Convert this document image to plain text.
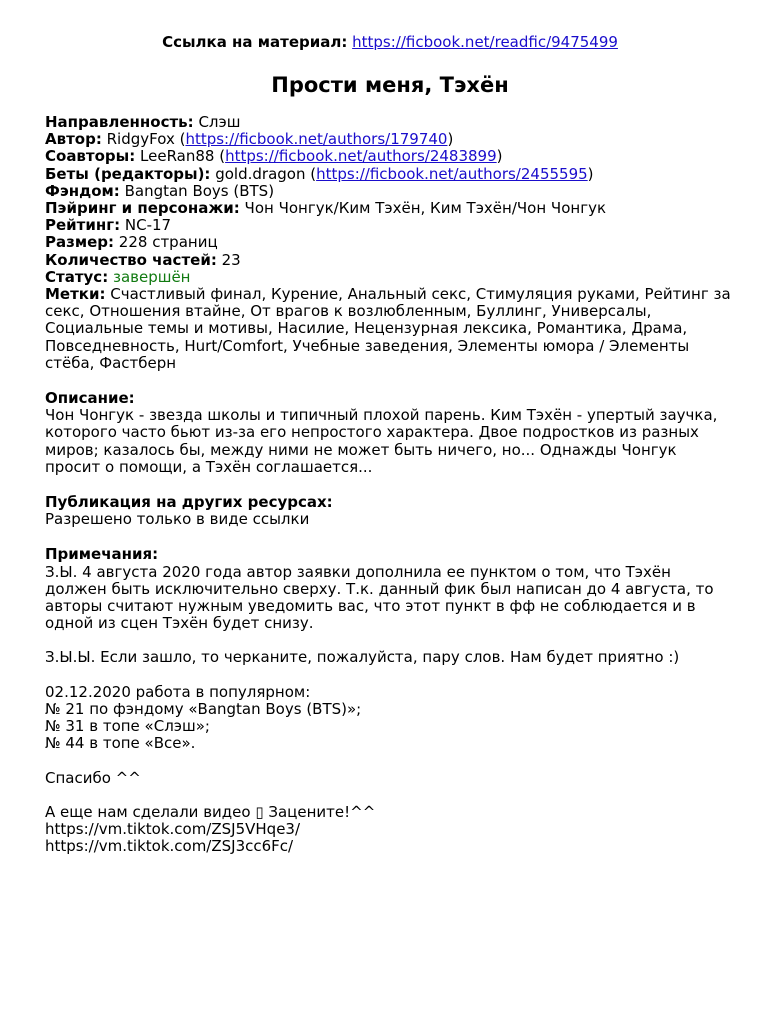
Ссылка на материал: https://ficbook.net/readfic/9475499
Прости меня, Тэхён
Направленность: Слэш
Автор: RidgyFox (https://ficbook.net/authors/179740)
Соавторы: LeeRan88 (https://ficbook.net/authors/2483899)
Беты (редакторы): gold.dragon (https://ficbook.net/authors/2455595)
Фэндом: Bangtan Boys (BTS)
Пэйринг и персонажи: Чон Чонгук/Ким Тэхён, Ким Тэхён/Чон Чонгук
Рейтинг: NC-17
Размер: 228 страниц
Количество частей: 23
Статус: завершён
Метки: Счастливый финал, Курение, Анальный секс, Стимуляция руками, Рейтинг за секс, Отношения втайне, От врагов к возлюбленным, Буллинг, Универсалы, Социальные темы и мотивы, Насилие, Нецензурная лексика, Романтика, Драма, Повседневность, Hurt/Comfort, Учебные заведения, Элементы юмора / Элементы стёба, Фастберн
Описание:
Чон Чонгук - звезда школы и типичный плохой парень. Ким Тэхён - упертый заучка, которого часто бьют из-за его непростого характера. Двое подростков из разных миров; казалось бы, между ними не может быть ничего, но... Однажды Чонгук просит о помощи, а Тэхён соглашается...
Публикация на других ресурсах:
Разрешено только в виде ссылки
Примечания:
З.Ы. 4 августа 2020 года автор заявки дополнила ее пунктом о том, что Тэхён должен быть исключительно сверху. Т.к. данный фик был написан до 4 августа, то авторы считают нужным уведомить вас, что этот пункт в фф не соблюдается и в одной из сцен Тэхён будет снизу.
З.Ы.Ы. Если зашло, то черканите, пожалуйста, пару слов. Нам будет приятно :)
02.12.2020 работа в популярном:
№ 21 по фэндому «Bangtan Boys (BTS)»;
№ 31 в топе «Слэш»;
№ 44 в топе «Все».
Спасибо ^^
А еще нам сделали видео ▯ Зацените!^^
https://vm.tiktok.com/ZSJ5VHqe3/
https://vm.tiktok.com/ZSJ3cc6Fc/
